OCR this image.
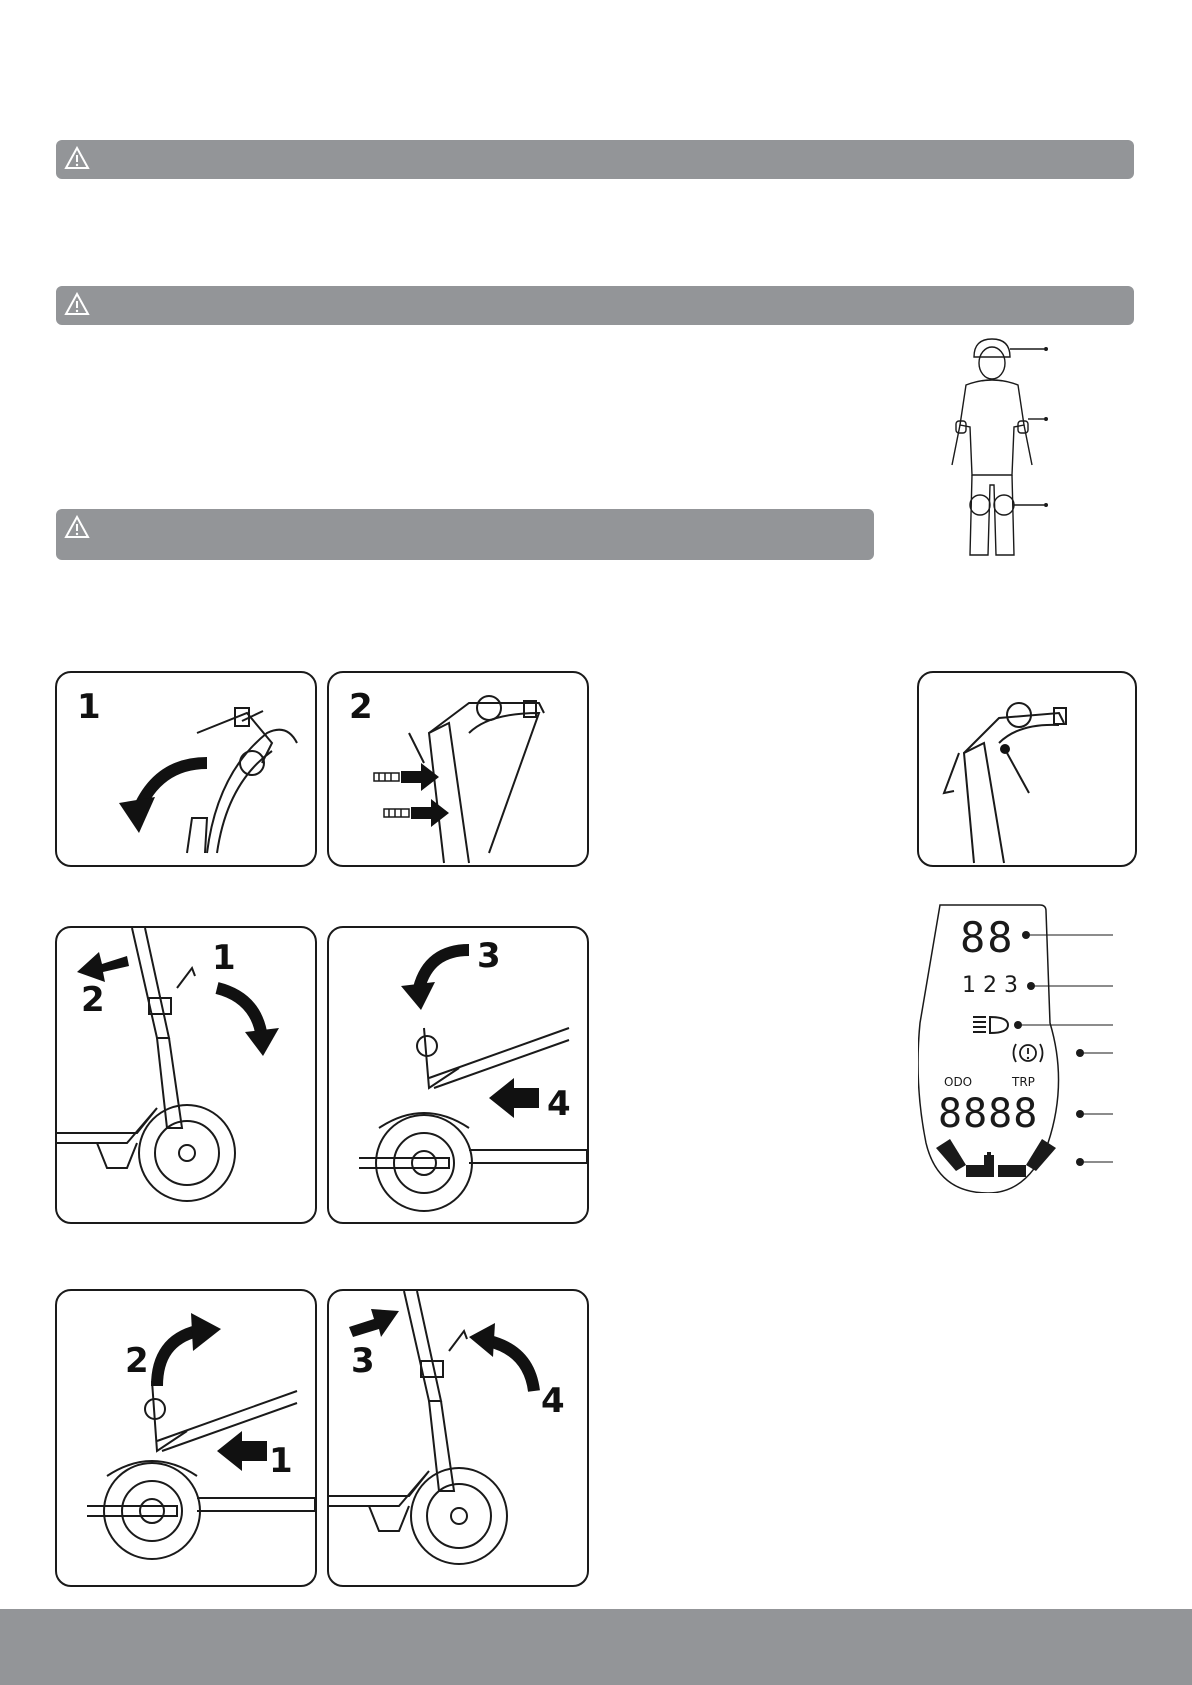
1	2
88
1 2 3
ODO	TRP
8888
2
1	3
4
2
1
3
4
